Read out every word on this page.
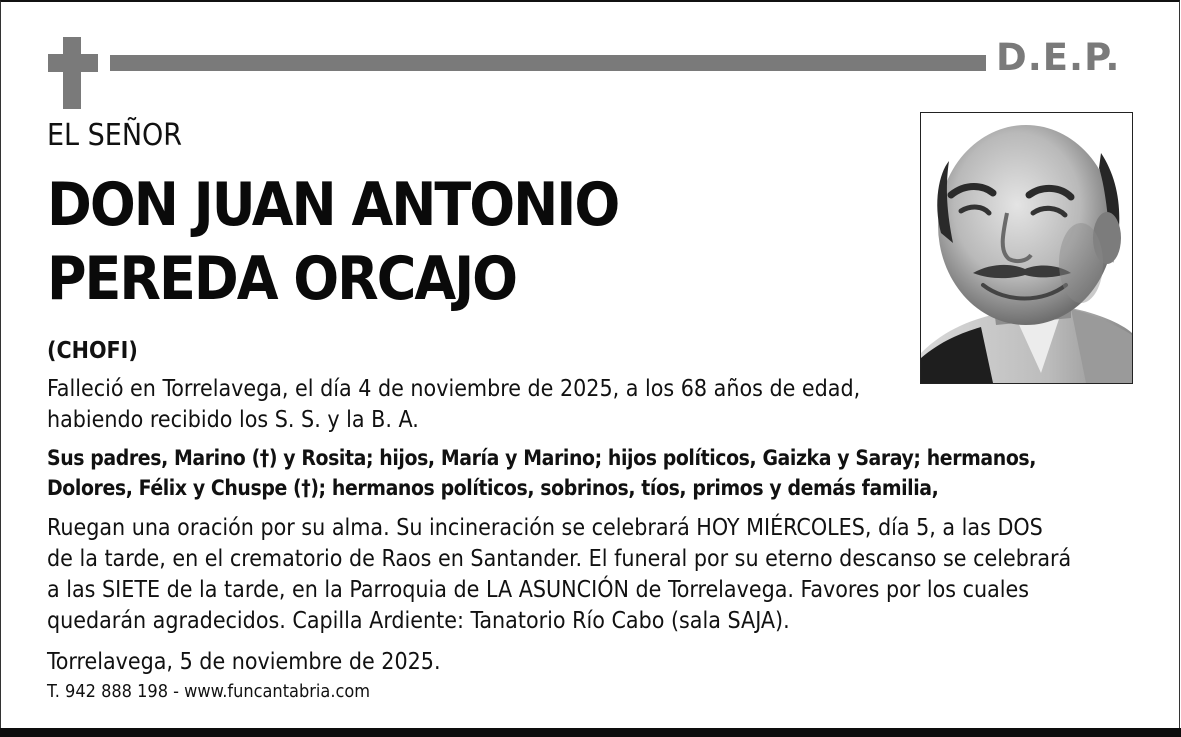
D.E.P.
EL SEÑOR
DON JUAN ANTONIO
PEREDA ORCAJO
(CHOFI)
Falleció en Torrelavega, el día 4 de noviembre de 2025, a los 68 años de edad,
habiendo recibido los S. S. y la B. A.
Sus padres, Marino (†) y Rosita; hijos, María y Marino; hijos políticos, Gaizka y Saray; hermanos,
Dolores, Félix y Chuspe (†); hermanos políticos, sobrinos, tíos, primos y demás familia,
Ruegan una oración por su alma. Su incineración se celebrará HOY MIÉRCOLES, día 5, a las DOS
de la tarde, en el crematorio de Raos en Santander. El funeral por su eterno descanso se celebrará
a las SIETE de la tarde, en la Parroquia de LA ASUNCIÓN de Torrelavega. Favores por los cuales
quedarán agradecidos. Capilla Ardiente: Tanatorio Río Cabo (sala SAJA).
Torrelavega, 5 de noviembre de 2025.
T. 942 888 198 - www.funcantabria.com
